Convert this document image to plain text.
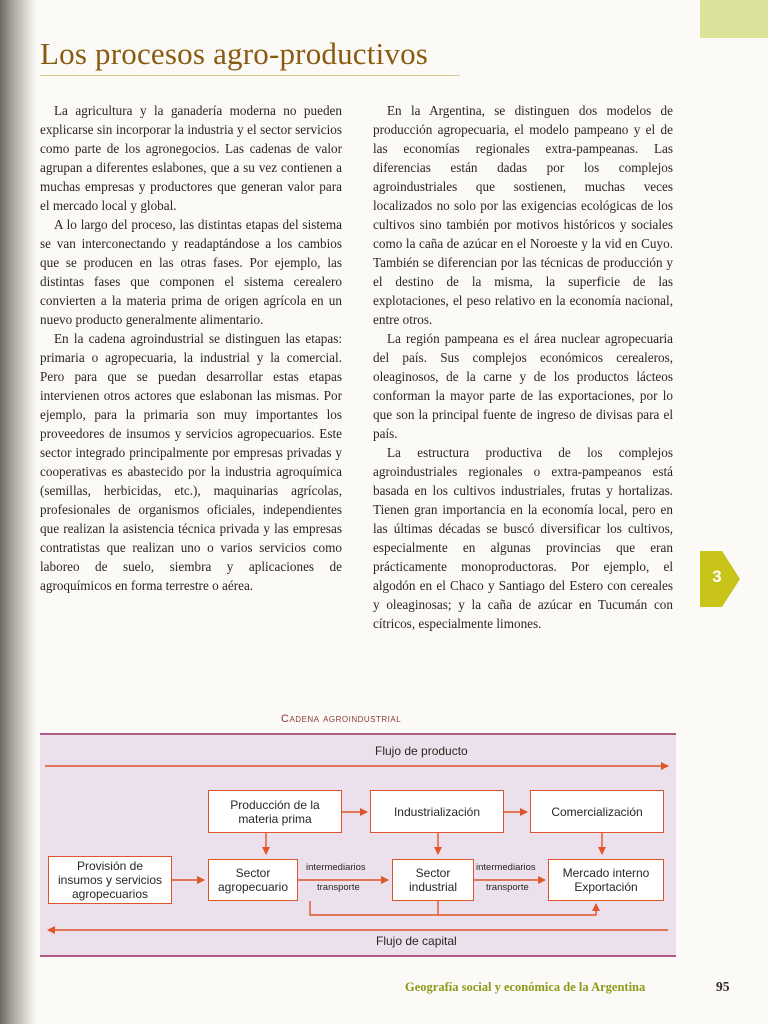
Los procesos agro-productivos

La agricultura y la ganadería moderna no pueden explicarse sin incorporar la industria y el sector servicios como parte de los agronegocios. Las cadenas de valor agrupan a diferentes eslabones, que a su vez contienen a muchas empresas y productores que generan valor para el mercado local y global.

A lo largo del proceso, las distintas etapas del sistema se van interconectando y readaptándose a los cambios que se producen en las otras fases. Por ejemplo, las distintas fases que componen el sistema cerealero convierten a la materia prima de origen agrícola en un nuevo producto generalmente alimentario.

En la cadena agroindustrial se distinguen las etapas: primaria o agropecuaria, la industrial y la comercial. Pero para que se puedan desarrollar estas etapas intervienen otros actores que eslabonan las mismas. Por ejemplo, para la primaria son muy importantes los proveedores de insumos y servicios agropecuarios. Este sector integrado principalmente por empresas privadas y cooperativas es abastecido por la industria agroquímica (semillas, herbicidas, etc.), maquinarias agrícolas, profesionales de organismos oficiales, independientes que realizan la asistencia técnica privada y las empresas contratistas que realizan uno o varios servicios como laboreo de suelo, siembra y aplicaciones de agroquímicos en forma terrestre o aérea.

En la Argentina, se distinguen dos modelos de producción agropecuaria, el modelo pampeano y el de las economías regionales extra-pampeanas. Las diferencias están dadas por los complejos agroindustriales que sostienen, muchas veces localizados no solo por las exigencias ecológicas de los cultivos sino también por motivos históricos y sociales como la caña de azúcar en el Noroeste y la vid en Cuyo. También se diferencian por las técnicas de producción y el destino de la misma, la superficie de las explotaciones, el peso relativo en la economía nacional, entre otros.

La región pampeana es el área nuclear agropecuaria del país. Sus complejos económicos cerealeros, oleaginosos, de la carne y de los productos lácteos conforman la mayor parte de las exportaciones, por lo que son la principal fuente de ingreso de divisas para el país.

La estructura productiva de los complejos agroindustriales regionales o extra-pampeanos está basada en los cultivos industriales, frutas y hortalizas. Tienen gran importancia en la economía local, pero en las últimas décadas se buscó diversificar los cultivos, especialmente en algunas provincias que eran prácticamente monoproductoras. Por ejemplo, el algodón en el Chaco y Santiago del Estero con cereales y oleaginosas; y la caña de azúcar en Tucumán con cítricos, especialmente limones.

3
Cadena agroindustrial
Flujo de producto
Producción de la materia prima	Industrialización	Comercialización
Provisión de insumos y servicios agropecuarios
Sector agropecuario
Sector industrial
Mercado interno Exportación
intermediarios
transporte
intermediarios
transporte
Flujo de capital
Geografía social y económica de la Argentina	95
